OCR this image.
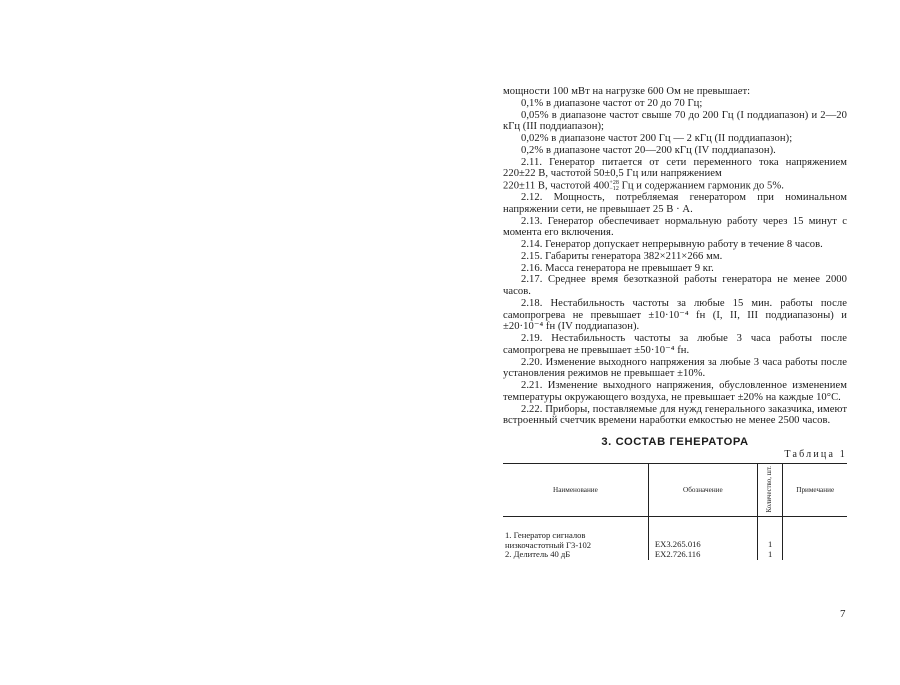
мощности 100 мВт на нагрузке 600 Ом не превышает:

0,1% в диапазоне частот от 20 до 70 Гц;

0,05% в диапазоне частот свыше 70 до 200 Гц (I поддиапазон) и 2—20 кГц (III поддиапазон);

0,02% в диапазоне частот 200 Гц — 2 кГц (II поддиапазон);

0,2% в диапазоне частот 20—200 кГц (IV поддиапазон).

2.11. Генератор питается от сети переменного тока напряжением 220±22 В, частотой 50±0,5 Гц или напряжением

220±11 В, частотой 400+28
−12 Гц и содержанием гармоник до 5%.

2.12. Мощность, потребляемая генератором при номинальном напряжении сети, не превышает 25 В · А.

2.13. Генератор обеспечивает нормальную работу через 15 минут с момента его включения.

2.14. Генератор допускает непрерывную работу в течение 8 часов.

2.15. Габариты генератора 382×211×266 мм.

2.16. Масса генератора не превышает 9 кг.

2.17. Среднее время безотказной работы генератора не менее 2000 часов.

2.18. Нестабильность частоты за любые 15 мин. работы после самопрогрева не превышает ±10·10⁻⁴ fн (I, II, III поддиапазоны) и ±20·10⁻⁴ fн (IV поддиапазон).

2.19. Нестабильность частоты за любые 3 часа работы после самопрогрева не превышает ±50·10⁻⁴ fн.

2.20. Изменение выходного напряжения за любые 3 часа работы после установления режимов не превышает ±10%.

2.21. Изменение выходного напряжения, обусловленное изменением температуры окружающего воздуха, не превышает ±20% на каждые 10°С.

2.22. Приборы, поставляемые для нужд генерального заказчика, имеют встроенный счетчик времени наработки емкостью не менее 2500 часов.

3. СОСТАВ ГЕНЕРАТОРА
Таблица 1
Наименование	Обозначение	Количество, шт.	Примечание
1. Генератор сигналов низкочастотный Г3-102	ЕХ3.265.016	1	
2. Делитель 40 дБ	ЕХ2.726.116	1	
7
